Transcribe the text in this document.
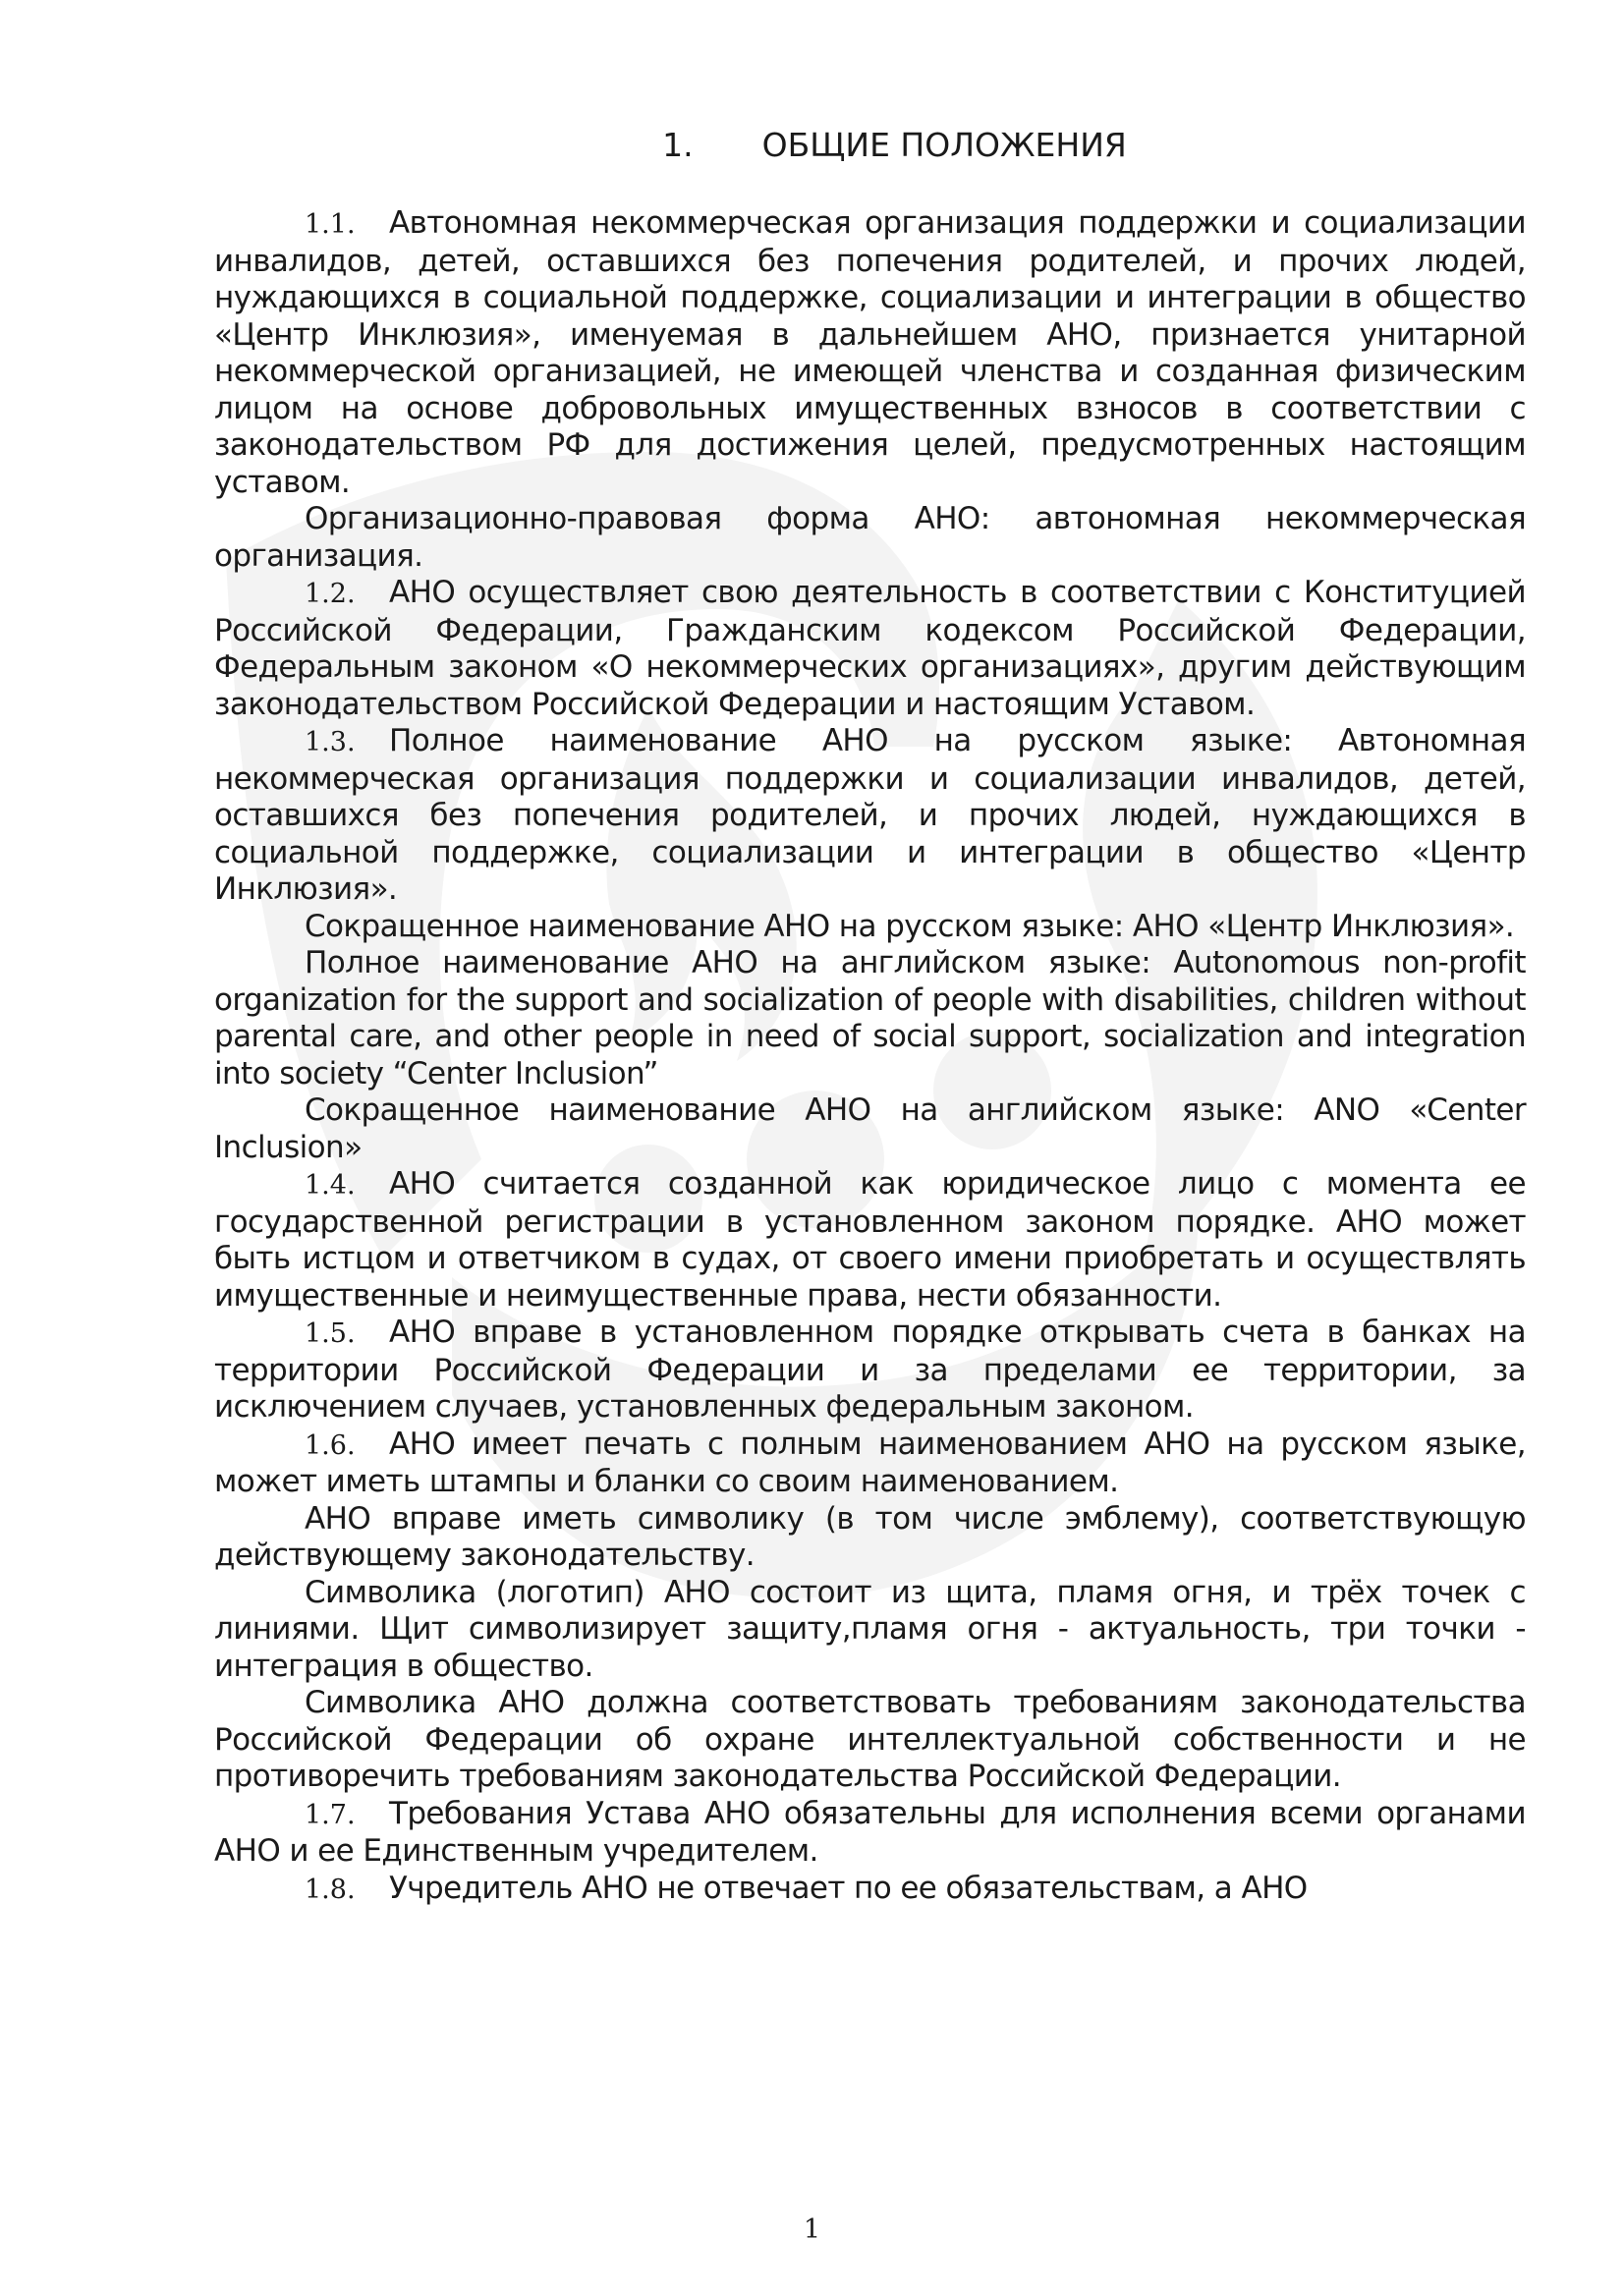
1. ОБЩИЕ ПОЛОЖЕНИЯ

1.1. Автономная некоммерческая организация поддержки и социализации инвалидов, детей, оставшихся без попечения родителей, и прочих людей, нуждающихся в социальной поддержке, социализации и интеграции в общество «Центр Инклюзия», именуемая в дальнейшем АНО, признается унитарной некоммерческой организацией, не имеющей членства и созданная физическим лицом на основе добровольных имущественных взносов в соответствии с законодательством РФ для достижения целей, предусмотренных настоящим уставом.

Организационно-правовая форма АНО: автономная некоммерческая организация.

1.2. АНО осуществляет свою деятельность в соответствии с Конституцией Российской Федерации, Гражданским кодексом Российской Федерации, Федеральным законом «О некоммерческих организациях», другим действующим законодательством Российской Федерации и настоящим Уставом.

1.3. Полное наименование АНО на русском языке: Автономная некоммерческая организация поддержки и социализации инвалидов, детей, оставшихся без попечения родителей, и прочих людей, нуждающихся в социальной поддержке, социализации и интеграции в общество «Центр Инклюзия».

Сокращенное наименование АНО на русском языке: АНО «Центр Инклюзия».

Полное наименование АНО на английском языке: Autonomous non-profit organization for the support and socialization of people with disabilities, children without parental care, and other people in need of social support, socialization and integration into society “Center Inclusion”

Сокращенное наименование АНО на английском языке: ANO «Center Inclusion»

1.4. АНО считается созданной как юридическое лицо с момента ее государственной регистрации в установленном законом порядке. АНО может быть истцом и ответчиком в судах, от своего имени приобретать и осуществлять имущественные и неимущественные права, нести обязанности.

1.5. АНО вправе в установленном порядке открывать счета в банках на территории Российской Федерации и за пределами ее территории, за исключением случаев, установленных федеральным законом.

1.6. АНО имеет печать с полным наименованием АНО на русском языке, может иметь штампы и бланки со своим наименованием.

АНО вправе иметь символику (в том числе эмблему), соответствующую действующему законодательству.

Символика (логотип) АНО состоит из щита, пламя огня, и трёх точек с линиями. Щит символизирует защиту,пламя огня - актуальность, три точки - интеграция в общество.

Символика АНО должна соответствовать требованиям законодательства Российской Федерации об охране интеллектуальной собственности и не противоречить требованиям законодательства Российской Федерации.

1.7. Требования Устава АНО обязательны для исполнения всеми органами АНО и ее Единственным учредителем.

1.8. Учредитель АНО не отвечает по ее обязательствам, а АНО

1
